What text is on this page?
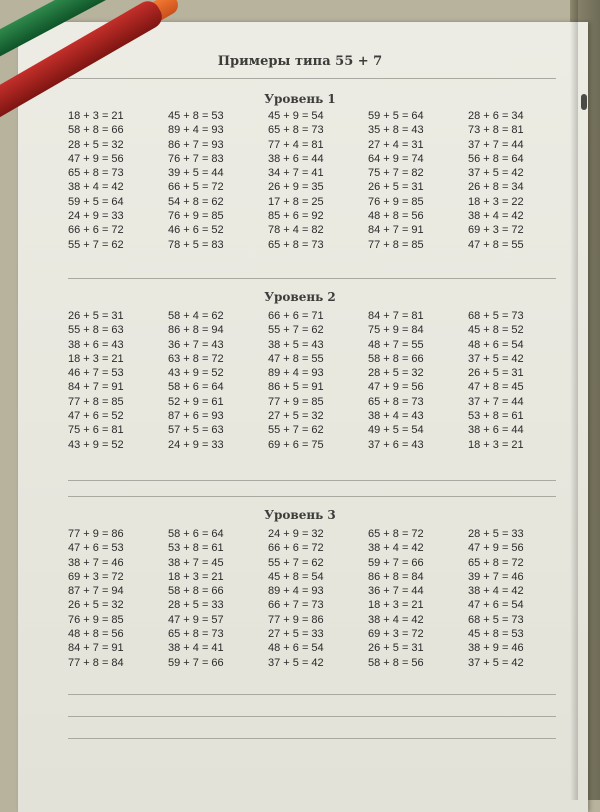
Примеры типа 55 + 7
Уровень 1
18 + 3 = 21
58 + 8 = 66
28 + 5 = 32
47 + 9 = 56
65 + 8 = 73
38 + 4 = 42
59 + 5 = 64
24 + 9 = 33
66 + 6 = 72
55 + 7 = 62
45 + 8 = 53
89 + 4 = 93
86 + 7 = 93
76 + 7 = 83
39 + 5 = 44
66 + 5 = 72
54 + 8 = 62
76 + 9 = 85
46 + 6 = 52
78 + 5 = 83
45 + 9 = 54
65 + 8 = 73
77 + 4 = 81
38 + 6 = 44
34 + 7 = 41
26 + 9 = 35
17 + 8 = 25
85 + 6 = 92
78 + 4 = 82
65 + 8 = 73
59 + 5 = 64
35 + 8 = 43
27 + 4 = 31
64 + 9 = 74
75 + 7 = 82
26 + 5 = 31
76 + 9 = 85
48 + 8 = 56
84 + 7 = 91
77 + 8 = 85
28 + 6 = 34
73 + 8 = 81
37 + 7 = 44
56 + 8 = 64
37 + 5 = 42
26 + 8 = 34
18 + 3 = 22
38 + 4 = 42
69 + 3 = 72
47 + 8 = 55
Уровень 2
26 + 5 = 31
55 + 8 = 63
38 + 6 = 43
18 + 3 = 21
46 + 7 = 53
84 + 7 = 91
77 + 8 = 85
47 + 6 = 52
75 + 6 = 81
43 + 9 = 52
58 + 4 = 62
86 + 8 = 94
36 + 7 = 43
63 + 8 = 72
43 + 9 = 52
58 + 6 = 64
52 + 9 = 61
87 + 6 = 93
57 + 5 = 63
24 + 9 = 33
66 + 6 = 71
55 + 7 = 62
38 + 5 = 43
47 + 8 = 55
89 + 4 = 93
86 + 5 = 91
77 + 9 = 85
27 + 5 = 32
55 + 7 = 62
69 + 6 = 75
84 + 7 = 81
75 + 9 = 84
48 + 7 = 55
58 + 8 = 66
28 + 5 = 32
47 + 9 = 56
65 + 8 = 73
38 + 4 = 43
49 + 5 = 54
37 + 6 = 43
68 + 5 = 73
45 + 8 = 52
48 + 6 = 54
37 + 5 = 42
26 + 5 = 31
47 + 8 = 45
37 + 7 = 44
53 + 8 = 61
38 + 6 = 44
18 + 3 = 21
Уровень 3
77 + 9 = 86
47 + 6 = 53
38 + 7 = 46
69 + 3 = 72
87 + 7 = 94
26 + 5 = 32
76 + 9 = 85
48 + 8 = 56
84 + 7 = 91
77 + 8 = 84
58 + 6 = 64
53 + 8 = 61
38 + 7 = 45
18 + 3 = 21
58 + 8 = 66
28 + 5 = 33
47 + 9 = 57
65 + 8 = 73
38 + 4 = 41
59 + 7 = 66
24 + 9 = 32
66 + 6 = 72
55 + 7 = 62
45 + 8 = 54
89 + 4 = 93
66 + 7 = 73
77 + 9 = 86
27 + 5 = 33
48 + 6 = 54
37 + 5 = 42
65 + 8 = 72
38 + 4 = 42
59 + 7 = 66
86 + 8 = 84
36 + 7 = 44
18 + 3 = 21
38 + 4 = 42
69 + 3 = 72
26 + 5 = 31
58 + 8 = 56
28 + 5 = 33
47 + 9 = 56
65 + 8 = 72
39 + 7 = 46
38 + 4 = 42
47 + 6 = 54
68 + 5 = 73
45 + 8 = 53
38 + 9 = 46
37 + 5 = 42
